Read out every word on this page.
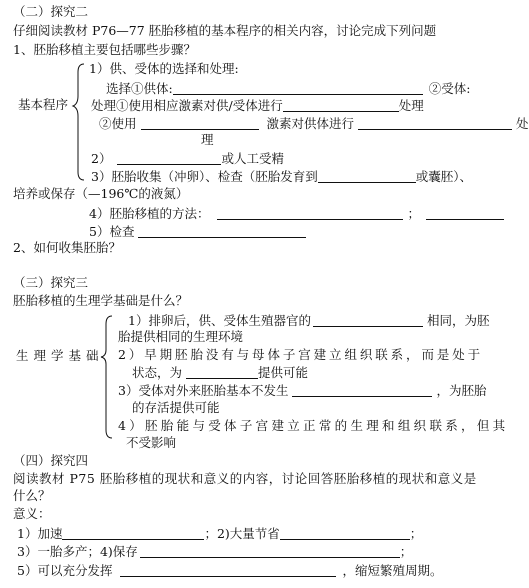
（二）探究二
仔细阅读教材 P76—77 胚胎移植的基本程序的相关内容，讨论完成下列问题
1、胚胎移植主要包括哪些步骤？
基本程序
1）供、受体的选择和处理:
选择①供体:	②受体:
处理①使用相应激素对供/受体进行	处理
②使用	激素对供体进行	处
理
2）	或人工受精
3）胚胎收集（冲卵）、检查（胚胎发育到	或囊胚）、
培养或保存（—196℃的液氮）
4）胚胎移植的方法：	；
5）检查
2、如何收集胚胎？
（三）探究三
胚胎移植的生理学基础是什么？
生理学基础
1）排卵后，供、受体生殖器官的	相同，为胚
胎提供相同的生理环境
2）早期胚胎没有与母体子宫建立组织联系，而是处于
状态，为	提供可能
3）受体对外来胚胎基本不发生	，为胚胎
的存活提供可能
4）胚胎能与受体子宫建立正常的生理和组织联系，但其
不受影响
（四）探究四
阅读教材 P75 胚胎移植的现状和意义的内容，讨论回答胚胎移植的现状和意义是
什么？
意义：
1）加速	；2)大量节省	；
3）一胎多产；4)保存	；
5）可以充分发挥	，缩短繁殖周期。
